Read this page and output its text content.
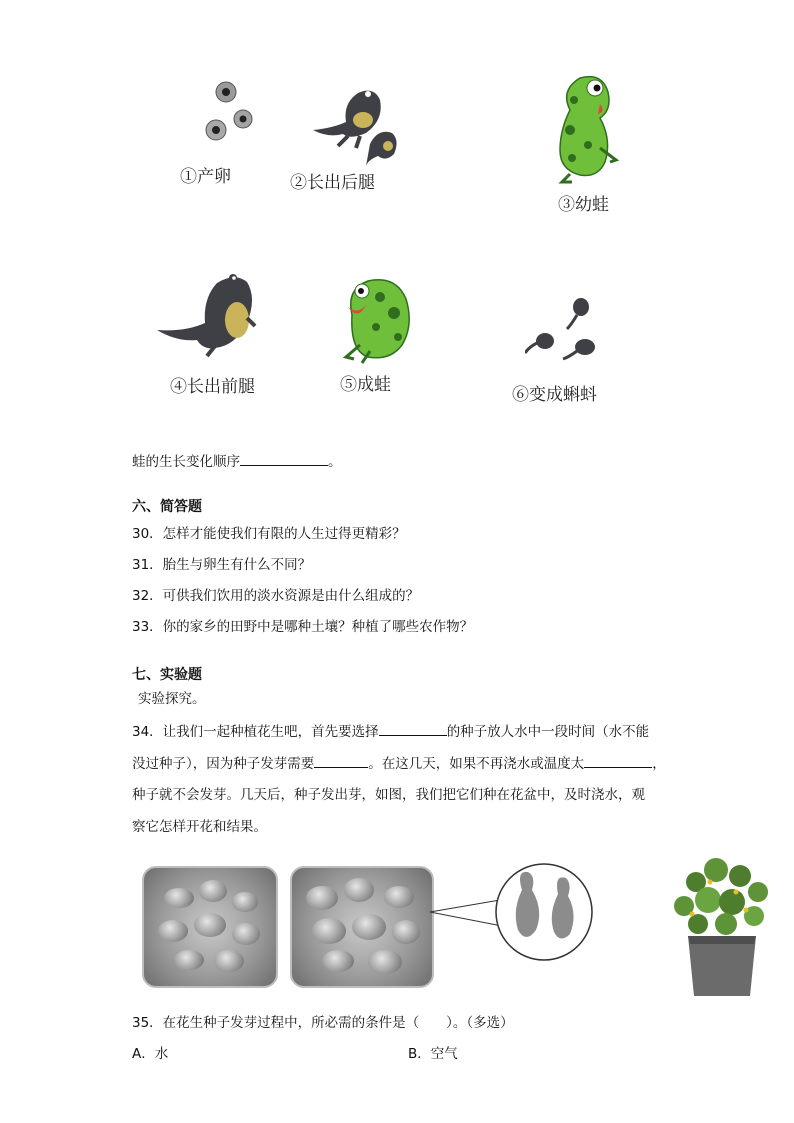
①产卵	②长出后腿
③幼蛙
④长出前腿	⑤成蛙	⑥变成蝌蚪
蛙的生长变化顺序	。
六、简答题
30．怎样才能使我们有限的人生过得更精彩？
31．胎生与卵生有什么不同？
32．可供我们饮用的淡水资源是由什么组成的？
33．你的家乡的田野中是哪种土壤？种植了哪些农作物？
七、实验题
实验探究。
34．让我们一起种植花生吧，首先要选择	的种子放人水中一段时间（水不能
没过种子），因为种子发芽需要	。在这几天，如果不再浇水或温度太	，
种子就不会发芽。几天后，种子发出芽，如图，我们把它们种在花盆中，及时浇水，观
察它怎样开花和结果。
35．在花生种子发芽过程中，所必需的条件是（　　）。（多选）
A．水	B．空气
